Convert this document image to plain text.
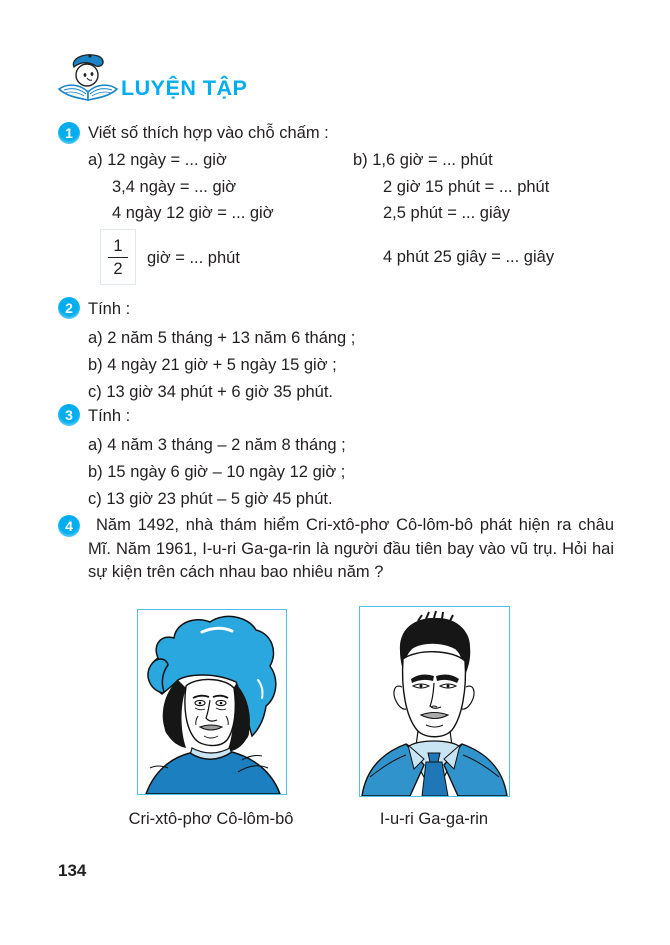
LUYỆN TẬP
1 Viết số thích hợp vào chỗ chấm :
a) 12 ngày = ... giờ	b) 1,6 giờ = ... phút
3,4 ngày = ... giờ	2 giờ 15 phút = ... phút
4 ngày 12 giờ = ... giờ	2,5 phút = ... giây
$\frac{1}{2}$ giờ = ... phút	4 phút 25 giây = ... giây
2 Tính :
a) 2 năm 5 tháng + 13 năm 6 tháng ;
b) 4 ngày 21 giờ + 5 ngày 15 giờ ;
c) 13 giờ 34 phút + 6 giờ 35 phút.
3 Tính :
a) 4 năm 3 tháng – 2 năm 8 tháng ;
b) 15 ngày 6 giờ – 10 ngày 12 giờ ;
c) 13 giờ 23 phút – 5 giờ 45 phút.
4	Năm 1492, nhà thám hiểm Cri-xtô-phơ Cô-lôm-bô phát hiện ra châu Mĩ. Năm 1961, I-u-ri Ga-ga-rin là người đầu tiên bay vào vũ trụ. Hỏi hai sự kiện trên cách nhau bao nhiêu năm ?
Cri-xtô-phơ Cô-lôm-bô	I-u-ri Ga-ga-rin
134
